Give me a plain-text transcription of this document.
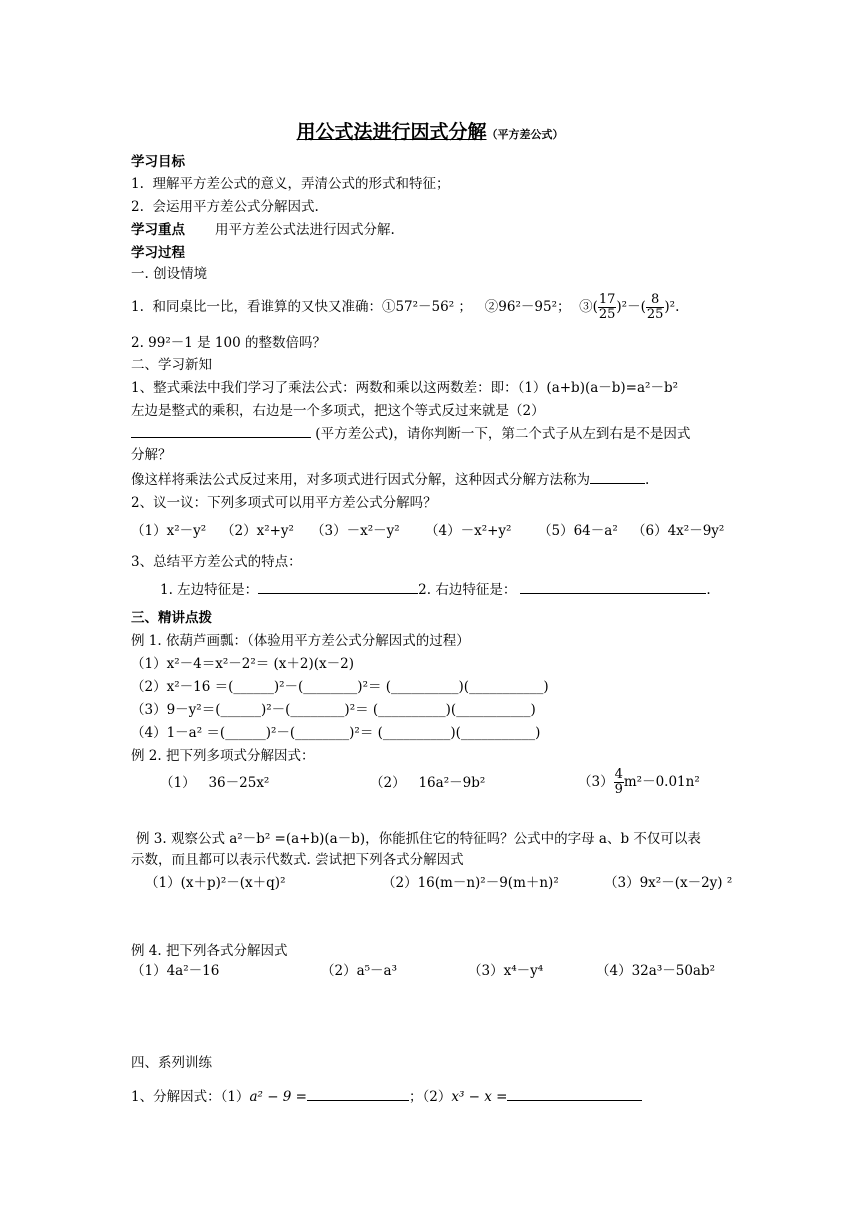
用公式法进行因式分解（平方差公式）
学习目标
1.  理解平方差公式的意义，弄清公式的形式和特征；
2.  会运用平方差公式分解因式.
学习重点 用平方差公式法进行因式分解.
学习过程
一. 创设情境
1.  和同桌比一比，看谁算的又快又准确：①57²－56² ；   ②96²－95²；  ③( $\frac{17}{25} )^2-( \frac{8}{25} )^2$.
2. 99²－1 是 100 的整数倍吗？
二、学习新知
1、整式乘法中我们学习了乘法公式：两数和乘以这两数差：即：（1）(a+b)(a－b)=a²－b²
左边是整式的乘积，右边是一个多项式，把这个等式反过来就是（2）
(平方差公式)，请你判断一下，第二个式子从左到右是不是因式
分解？
像这样将乘法公式反过来用，对多项式进行因式分解，这种因式分解方法称为	.
2、议一议：下列多项式可以用平方差公式分解吗？
（1）x²－y² （2）x²+y² （3）－x²－y² （4）－x²+y² （5）64－a² （6）4x²－9y²
3、总结平方差公式的特点：
1. 左边特征是：	2. 右边特征是：	.
三、精讲点拨
例 1. 依葫芦画瓢：（体验用平方差公式分解因式的过程）
（1）x²－4＝x²－2²＝ (x＋2)(x－2)
（2）x²－16 ＝(______)²－(________)²＝ (__________)(___________)
（3）9－y²＝(______)²－(________)²＝ (__________)(___________)
（4）1－a² ＝(______)²－(________)²＝ (__________)(___________)
例 2. 把下列多项式分解因式：
（1）   36－25x²	（2）   16a²－9b²	$(3) \frac{4}{9} m^2-0.01n^2$
例 3. 观察公式 a²－b² =(a+b)(a－b)，你能抓住它的特征吗？公式中的字母 a、b 不仅可以表
示数，而且都可以表示代数式. 尝试把下列各式分解因式
（1）(x＋p)²－(x＋q)²	（2）16(m－n)²－9(m＋n)²	（3）9x²－(x－2y) ²
例 4. 把下列各式分解因式
（1）4a²－16	（2）a⁵－a³	（3）x⁴－y⁴	（4）32a³－50ab²
四、系列训练
1、分解因式：（1）a² − 9 =	；（2）x³ − x =
